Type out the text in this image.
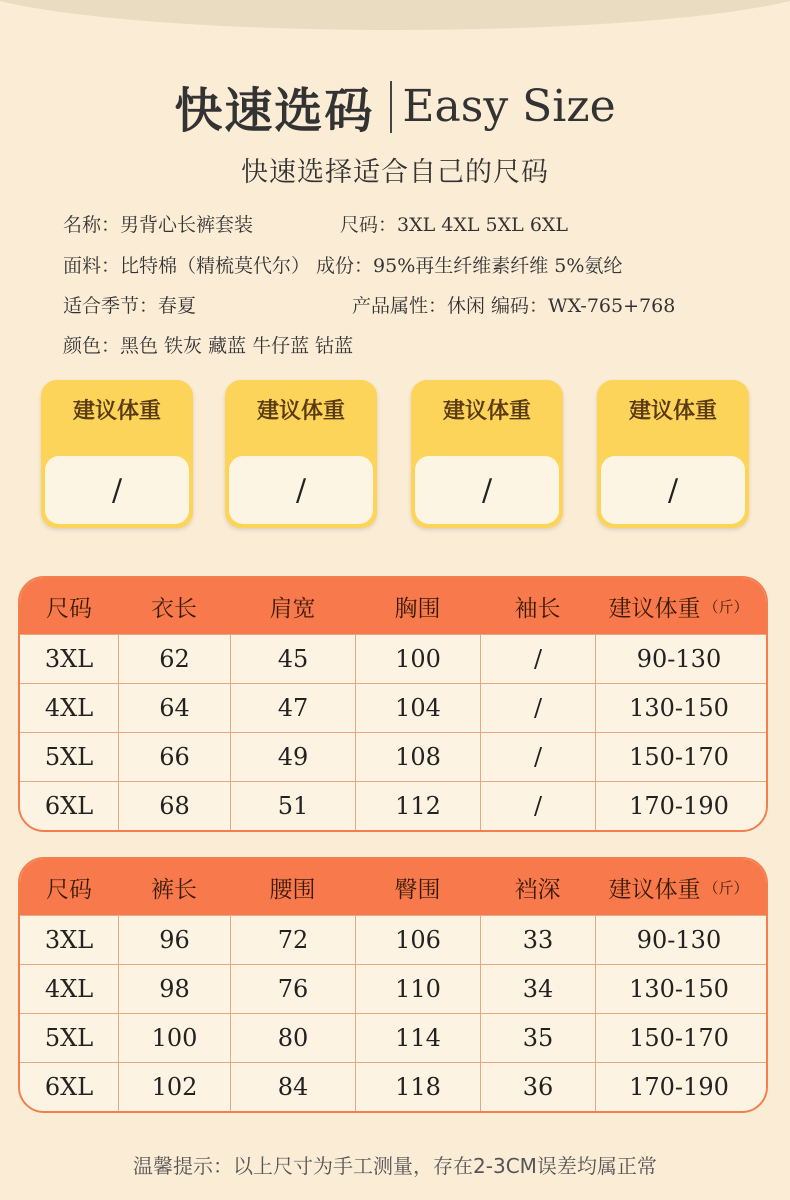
快速选码 Easy Size
快速选择适合自己的尺码
名称：男背心长裤套装	尺码：3XL 4XL 5XL 6XL
面料：比特棉（精梳莫代尔） 成份：95%再生纤维素纤维 5%氨纶
适合季节：春夏	产品属性：休闲 编码：WX-765+768
颜色：黑色 铁灰 藏蓝 牛仔蓝 钴蓝
建议体重
/
建议体重
/
建议体重
/
建议体重
/
尺码	衣长	肩宽	胸围	袖长	建议体重 （斤）
3XL	62	45	100	/	90-130
4XL	64	47	104	/	130-150
5XL	66	49	108	/	150-170
6XL	68	51	112	/	170-190
尺码	裤长	腰围	臀围	裆深	建议体重 （斤）
3XL	96	72	106	33	90-130
4XL	98	76	110	34	130-150
5XL	100	80	114	35	150-170
6XL	102	84	118	36	170-190
温馨提示：以上尺寸为手工测量，存在2-3CM误差均属正常
